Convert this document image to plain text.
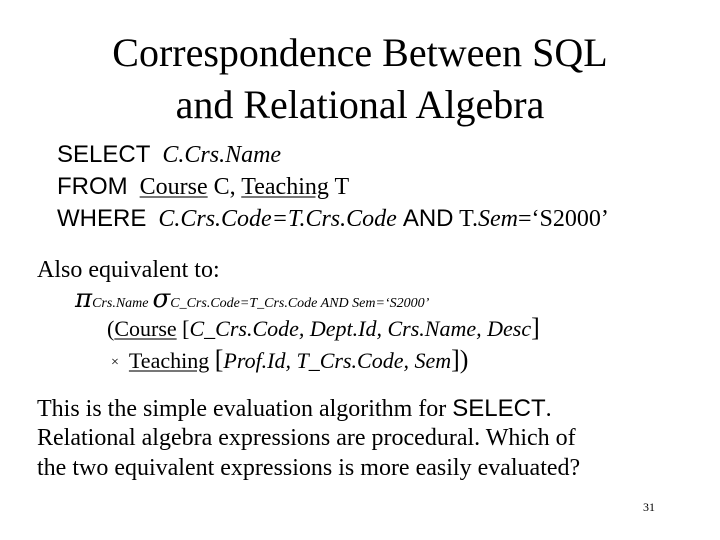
Correspondence Between SQL
and Relational Algebra
SELECT C.Crs.Name
FROM Course C, Teaching T
WHERE C.Crs.Code=T.Crs.Code AND T.Sem=‘S2000’
Also equivalent to:
πCrs.Name σC_Crs.Code=T_Crs.Code AND Sem=‘S2000’
(Course [C_Crs.Code, Dept.Id, Crs.Name, Desc]
× Teaching [Prof.Id, T_Crs.Code, Sem])
This is the simple evaluation algorithm for SELECT.
Relational algebra expressions are procedural. Which of
the two equivalent expressions is more easily evaluated?
31
